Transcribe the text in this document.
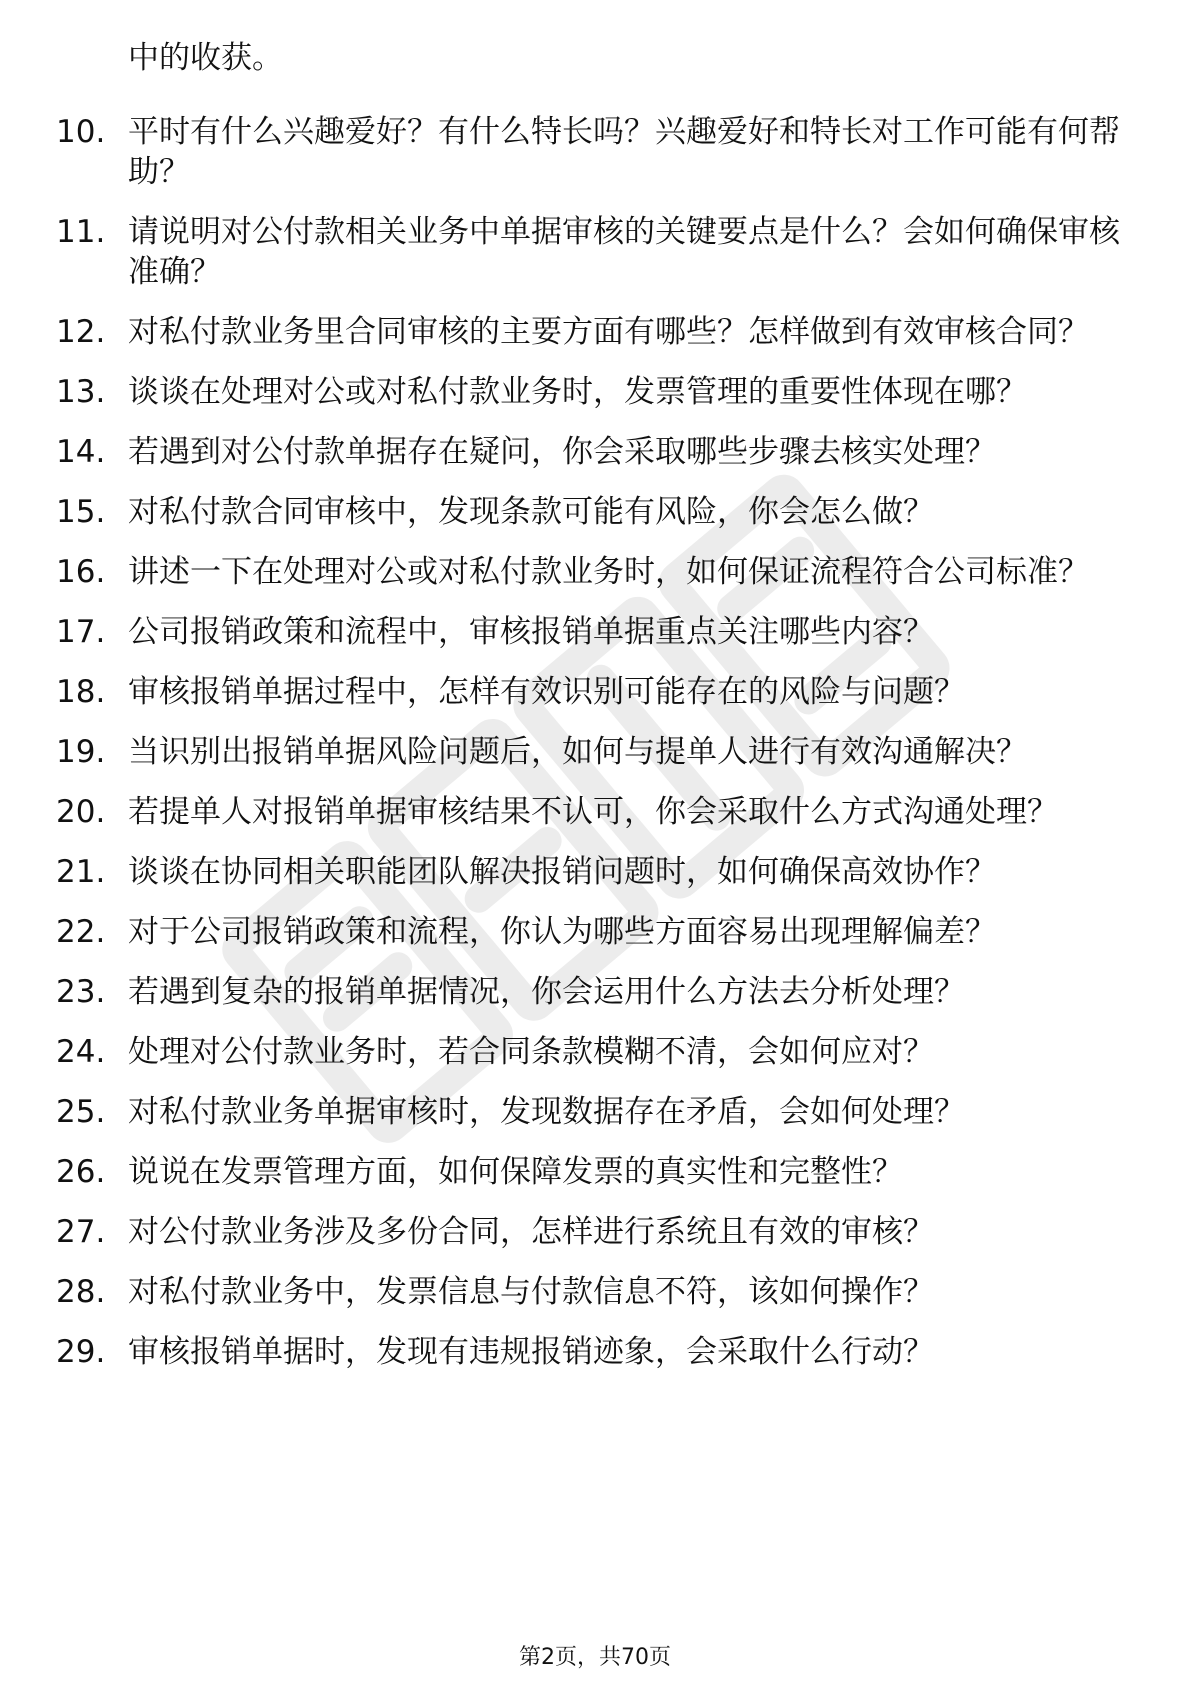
中的收获。
10. 平时有什么兴趣爱好？有什么特长吗？兴趣爱好和特长对工作可能有何帮助？
11. 请说明对公付款相关业务中单据审核的关键要点是什么？会如何确保审核准确？
12. 对私付款业务里合同审核的主要方面有哪些？怎样做到有效审核合同？
13. 谈谈在处理对公或对私付款业务时，发票管理的重要性体现在哪？
14. 若遇到对公付款单据存在疑问，你会采取哪些步骤去核实处理？
15. 对私付款合同审核中，发现条款可能有风险，你会怎么做？
16. 讲述一下在处理对公或对私付款业务时，如何保证流程符合公司标准？
17. 公司报销政策和流程中，审核报销单据重点关注哪些内容？
18. 审核报销单据过程中，怎样有效识别可能存在的风险与问题？
19. 当识别出报销单据风险问题后，如何与提单人进行有效沟通解决？
20. 若提单人对报销单据审核结果不认可，你会采取什么方式沟通处理？
21. 谈谈在协同相关职能团队解决报销问题时，如何确保高效协作？
22. 对于公司报销政策和流程，你认为哪些方面容易出现理解偏差？
23. 若遇到复杂的报销单据情况，你会运用什么方法去分析处理？
24. 处理对公付款业务时，若合同条款模糊不清，会如何应对？
25. 对私付款业务单据审核时，发现数据存在矛盾，会如何处理？
26. 说说在发票管理方面，如何保障发票的真实性和完整性？
27. 对公付款业务涉及多份合同，怎样进行系统且有效的审核？
28. 对私付款业务中，发票信息与付款信息不符，该如何操作？
29. 审核报销单据时，发现有违规报销迹象，会采取什么行动？
第2页，共70页
